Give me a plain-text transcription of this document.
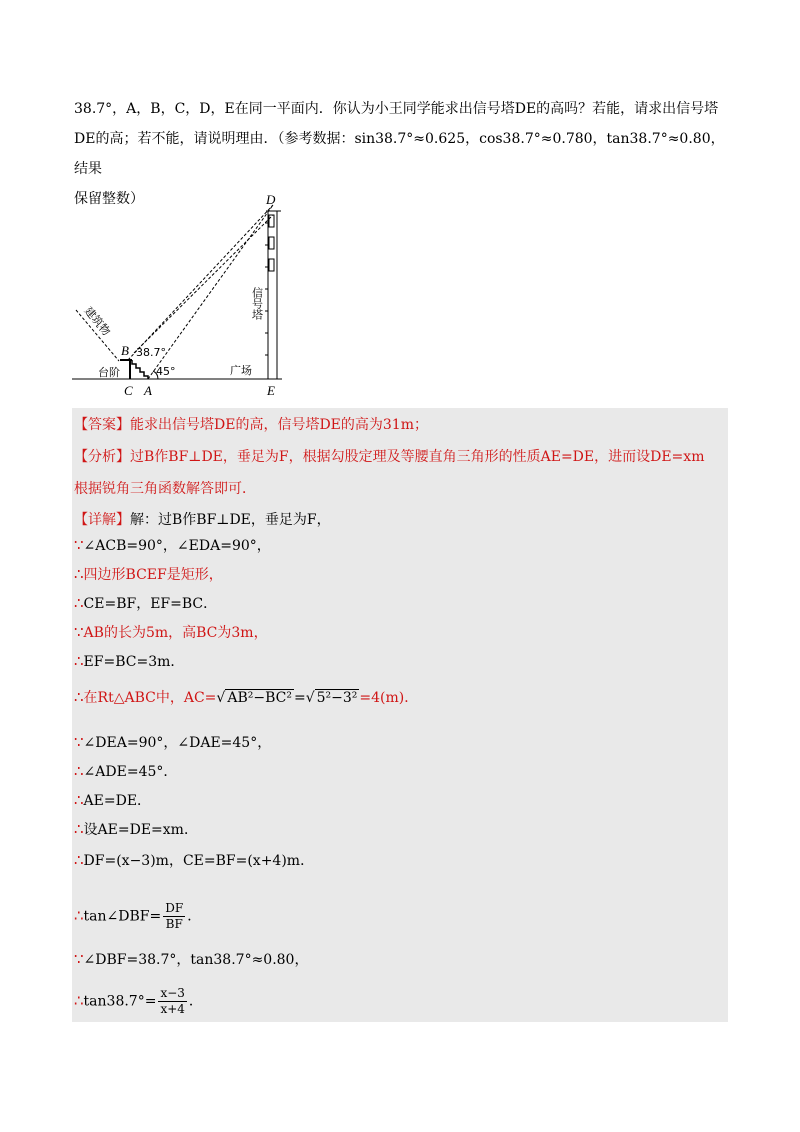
38.7°，A，B，C，D，E在同一平面内．你认为小王同学能求出信号塔DE的高吗？若能，请求出信号塔
DE的高；若不能，请说明理由．（参考数据：sin38.7°≈0.625，cos38.7°≈0.780，tan38.7°≈0.80，结果
保留整数）	D
B
C A	E
38.7°
45°
台阶	广场
建筑物
信号塔
【答案】能求出信号塔DE的高，信号塔DE的高为31m；
【分析】过B作BF⊥DE，垂足为F，根据勾股定理及等腰直角三角形的性质AE=DE，进而设DE=xm
根据锐角三角函数解答即可．
【详解】解：过B作BF⊥DE，垂足为F，
∵∠ACB=90°，∠EDA=90°，
∴四边形BCEF是矩形，
∴CE=BF，EF=BC．
∵AB的长为5m，高BC为3m，
∴EF=BC=3m．
∴在Rt△ABC中，AC=√ AB²−BC² =√ 5²−3² =4(m)．
∵∠DEA=90°，∠DAE=45°，
∴∠ADE=45°．
∴AE=DE．
∴设AE=DE=xm．
∴DF=(x−3)m，CE=BF=(x+4)m．
∴tan∠DBF= $\frac{DF}{BF}$ ．
∵∠DBF=38.7°，tan38.7°≈0.80，
∴tan38.7°= $\frac{x-3}{x+4}$ ．
